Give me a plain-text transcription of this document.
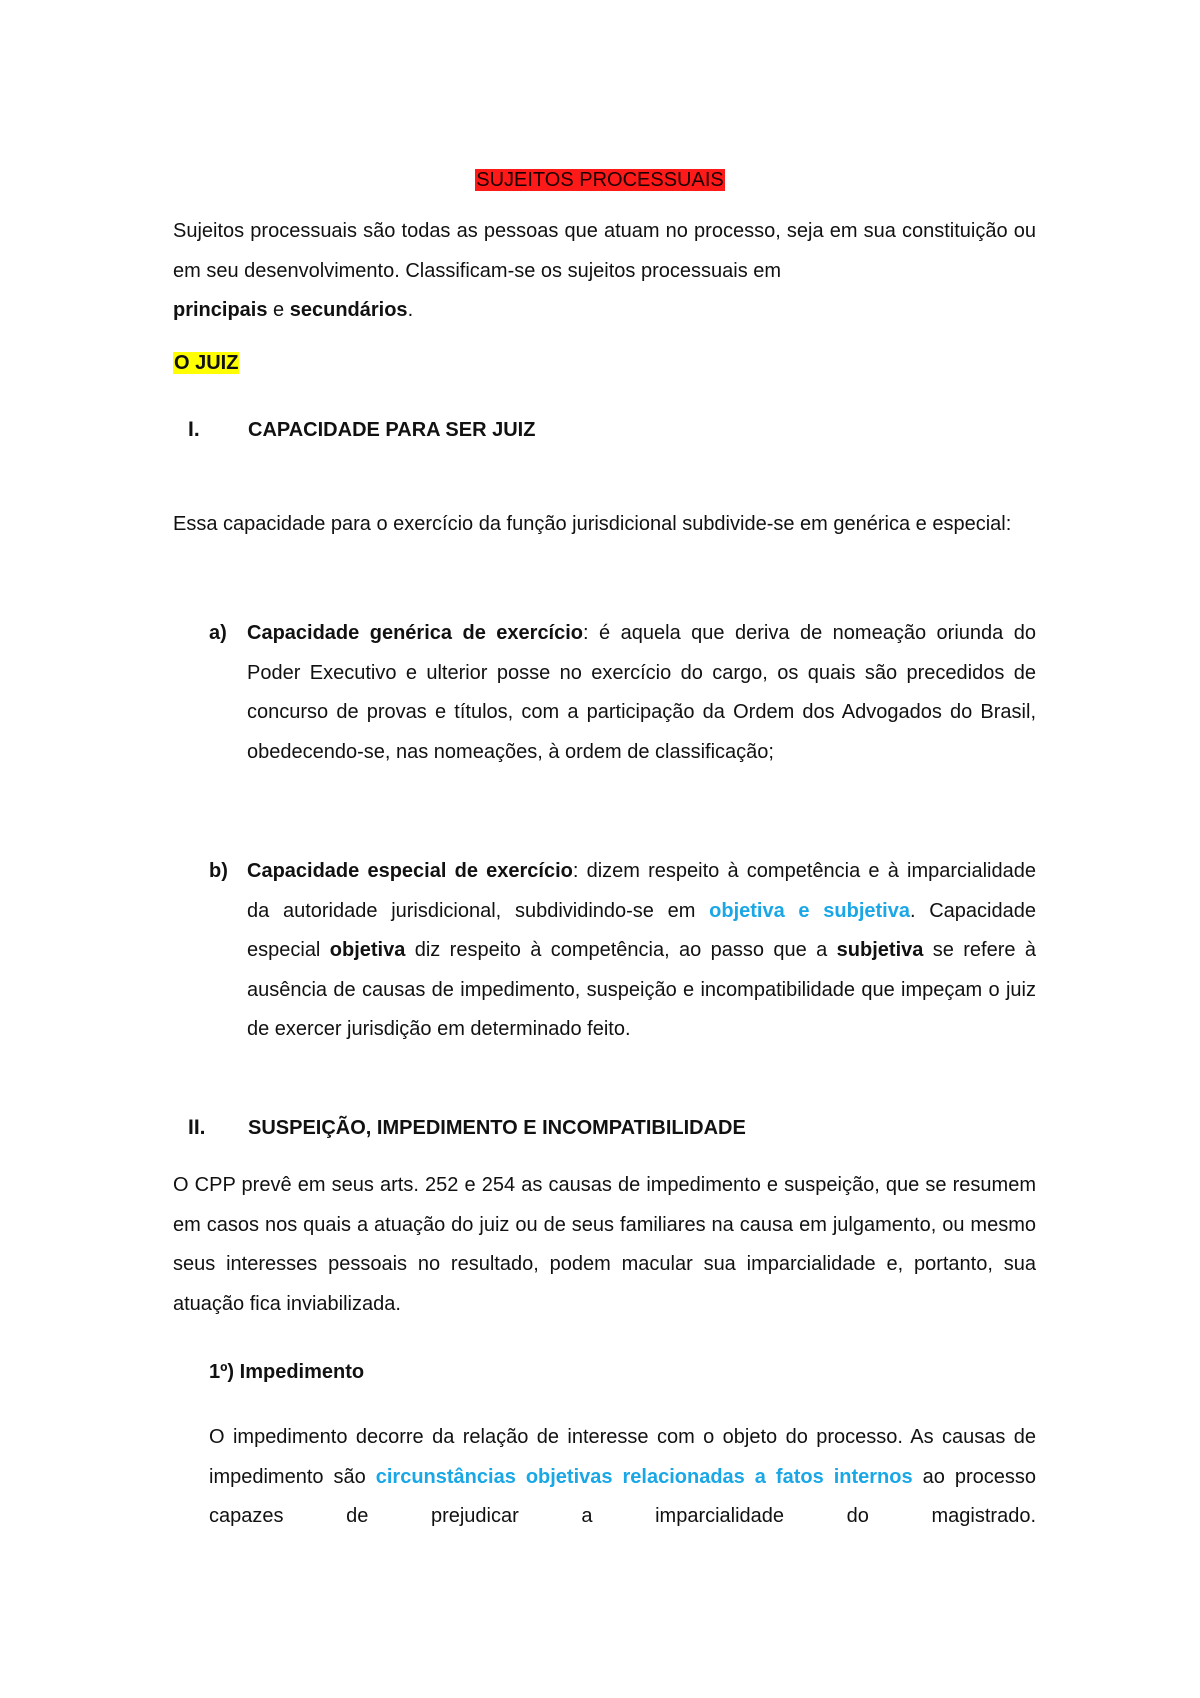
SUJEITOS PROCESSUAIS

Sujeitos processuais são todas as pessoas que atuam no processo, seja em sua constituição ou em seu desenvolvimento. Classificam-se os sujeitos processuais em
principais e secundários.

O JUIZ
I. CAPACIDADE PARA SER JUIZ

Essa capacidade para o exercício da função jurisdicional subdivide-se em genérica e especial:

a) Capacidade genérica de exercício: é aquela que deriva de nomeação oriunda do Poder Executivo e ulterior posse no exercício do cargo, os quais são precedidos de concurso de provas e títulos, com a participação da Ordem dos Advogados do Brasil, obedecendo-se, nas nomeações, à ordem de classificação;

b) Capacidade especial de exercício: dizem respeito à competência e à imparcialidade da autoridade jurisdicional, subdividindo-se em objetiva e subjetiva. Capacidade especial objetiva diz respeito à competência, ao passo que a subjetiva se refere à ausência de causas de impedimento, suspeição e incompatibilidade que impeçam o juiz de exercer jurisdição em determinado feito.

II. SUSPEIÇÃO, IMPEDIMENTO E INCOMPATIBILIDADE

O CPP prevê em seus arts. 252 e 254 as causas de impedimento e suspeição, que se resumem em casos nos quais a atuação do juiz ou de seus familiares na causa em julgamento, ou mesmo seus interesses pessoais no resultado, podem macular sua imparcialidade e, portanto, sua atuação fica inviabilizada.

1º) Impedimento

O impedimento decorre da relação de interesse com o objeto do processo. As causas de impedimento são circunstâncias objetivas relacionadas a fatos internos ao processo capazes de prejudicar a imparcialidade do magistrado.
